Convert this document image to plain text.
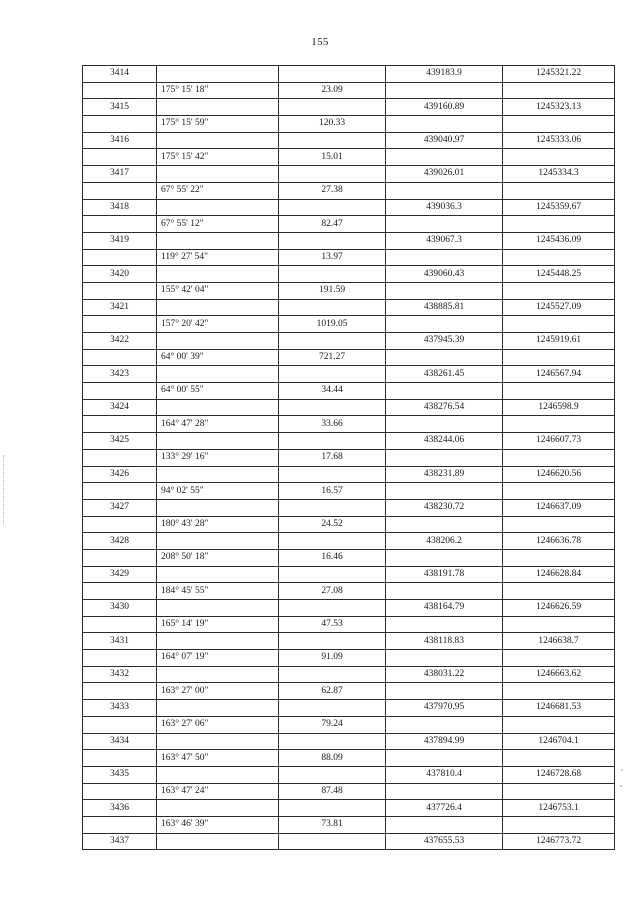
155
3414			439183.9	1245321.22
	175° 15' 18"	23.09		
3415			439160.89	1245323.13
	175° 15' 59"	120.33		
3416			439040.97	1245333.06
	175° 15' 42"	15.01		
3417			439026.01	1245334.3
	67° 55' 22"	27.38		
3418			439036.3	1245359.67
	67° 55' 12"	82.47		
3419			439067.3	1245436.09
	119° 27' 54"	13.97		
3420			439060.43	1245448.25
	155° 42' 04"	191.59		
3421			438885.81	1245527.09
	157° 20' 42"	1019.05		
3422			437945.39	1245919.61
	64° 00' 39"	721.27		
3423			438261.45	1246567.94
	64° 00' 55"	34.44		
3424			438276.54	1246598.9
	164° 47' 28"	33.66		
3425			438244.06	1246607.73
	133° 29' 16"	17.68		
3426			438231.89	1246620.56
	94° 02' 55"	16.57		
3427			438230.72	1246637.09
	180° 43' 28"	24.52		
3428			438206.2	1246636.78
	208° 50' 18"	16.46		
3429			438191.78	1246628.84
	184° 45' 55"	27.08		
3430			438164.79	1246626.59
	165° 14' 19"	47.53		
3431			438118.83	1246638.7
	164° 07' 19"	91.09		
3432			438031.22	1246663.62
	163° 27' 00"	62.87		
3433			437970.95	1246681.53
	163° 27' 06"	79.24		
3434			437894.99	1246704.1
	163° 47' 50"	88.09		
3435			437810.4	1246728.68
	163° 47' 24"	87.48		
3436			437726.4	1246753.1
	163° 46' 39"	73.81		
3437			437655.53	1246773.72
